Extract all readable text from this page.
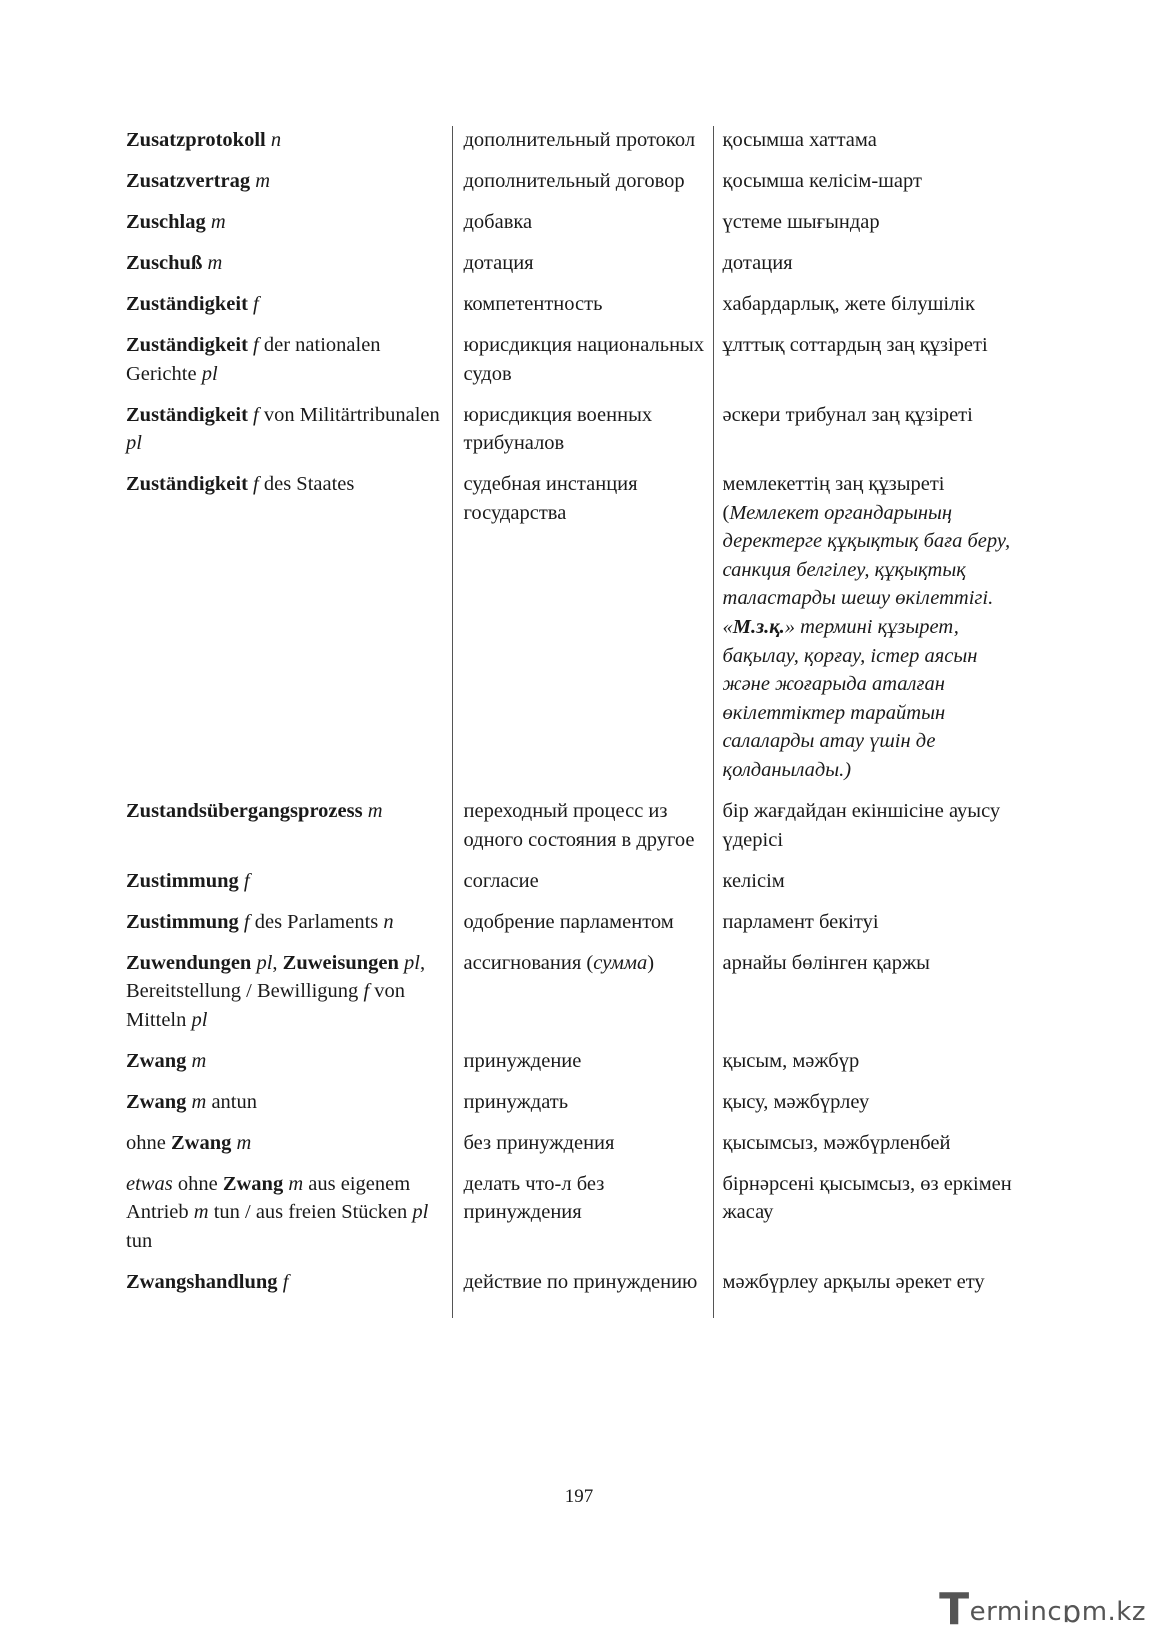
Zusatzprotokoll n	дополнительный протокол	қосымша хаттама
Zusatzvertrag m	дополнительный договор	қосымша келісім-шарт
Zuschlag m	добавка	үстеме шығындар
Zuschuß m	дотация	дотация
Zuständigkeit f	компетентность	хабардарлық, жете білушілік
Zuständigkeit f der nationalen Gerichte pl	юрисдикция национальных судов	ұлттық соттардың заң құзіреті
Zuständigkeit f von Militärtribunalen pl	юрисдикция военных трибуналов	әскери трибунал заң құзіреті
Zuständigkeit f des Staates	судебная инстанция государства	мемлекеттің заң құзыреті (Мемлекет органдарының деректерге құқықтық баға беру, санкция белгілеу, құқықтық таластарды шешу өкілеттігі. «М.з.қ.» термині құзырет, бақылау, қорғау, істер аясын және жоғарыда аталған өкілеттіктер тарайтын салаларды атау үшін де қолданылады.)
Zustandsübergangsprozess m	переходный процесс из одного состояния в другое	бір жағдайдан екіншісіне ауысу үдерісі
Zustimmung f	согласие	келісім
Zustimmung f des Parlaments n	одобрение парламентом	парламент бекітуі
Zuwendungen pl, Zuweisungen pl, Bereitstellung / Bewilligung f von Mitteln pl	ассигнования (сумма)	арнайы бөлінген қаржы
Zwang m	принуждение	қысым, мәжбүр
Zwang m antun	принуждать	қысу, мәжбүрлеу
ohne Zwang m	без принуждения	қысымсыз, мәжбүрленбей
etwas ohne Zwang m aus eigenem Antrieb m tun / aus freien Stücken pl tun	делать что-л без принуждения	бірнәрсені қысымсыз, өз еркімен жасау
Zwangshandlung f	действие по принуждению	мәжбүрлеу арқылы әрекет ету
197
Termincɒm.kz
